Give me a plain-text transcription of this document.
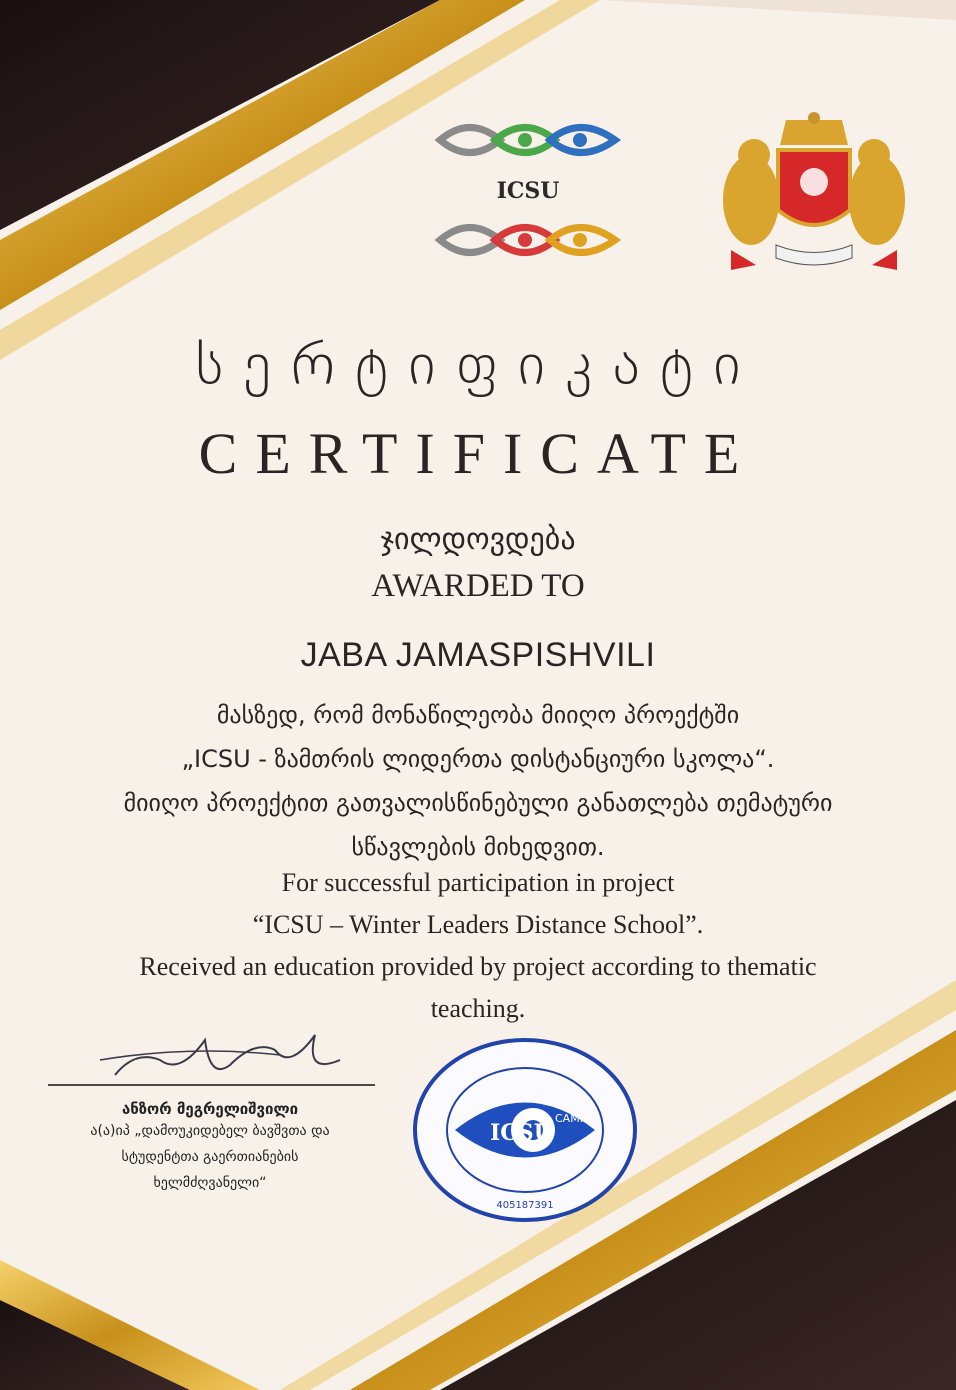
ICSU
სერტიფიკატი
CERTIFICATE
ჯილდოვდება
AWARDED TO
JABA JAMASPISHVILI
მასზედ, რომ მონაწილეობა მიიღო პროექტში
„ICSU - ზამთრის ლიდერთა დისტანციური სკოლა“.
მიიღო პროექტით გათვალისწინებული განათლება თემატური
სწავლების მიხედვით.
For successful participation in project
“ICSU – Winter Leaders Distance School”.
Received an education provided by project according to thematic
teaching.
ანზორ მეგრელიშვილი
ა(ა)იპ „დამოუკიდებელ ბავშვთა და
სტუდენტთა გაერთიანების
ხელმძღვანელი“
ICSU
CAMP
405187391
